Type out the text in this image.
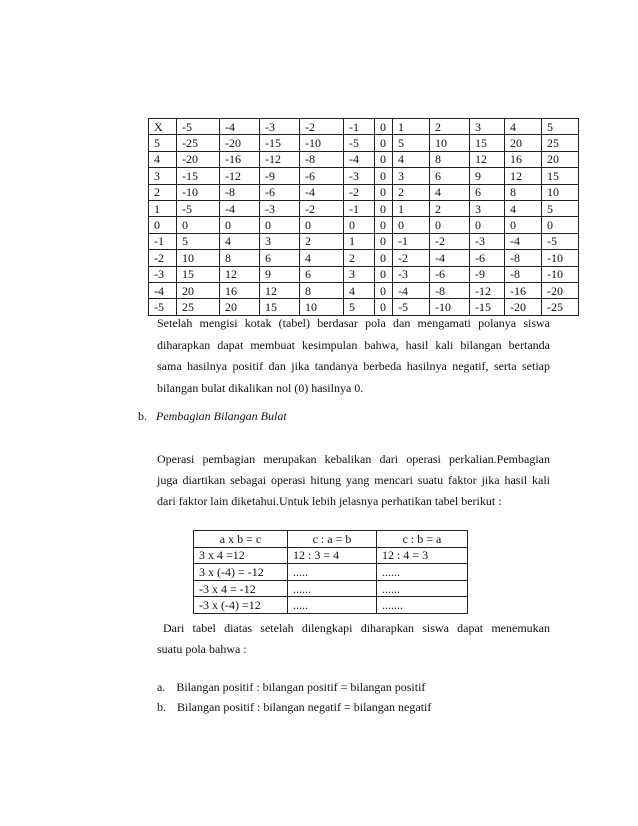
X	-5	-4	-3	-2	-1	0	1	2	3	4	5
5	-25	-20	-15	-10	-5	0	5	10	15	20	25
4	-20	-16	-12	-8	-4	0	4	8	12	16	20
3	-15	-12	-9	-6	-3	0	3	6	9	12	15
2	-10	-8	-6	-4	-2	0	2	4	6	8	10
1	-5	-4	-3	-2	-1	0	1	2	3	4	5
0	0	0	0	0	0	0	0	0	0	0	0
-1	5	4	3	2	1	0	-1	-2	-3	-4	-5
-2	10	8	6	4	2	0	-2	-4	-6	-8	-10
-3	15	12	9	6	3	0	-3	-6	-9	-8	-10
-4	20	16	12	8	4	0	-4	-8	-12	-16	-20
-5	25	20	15	10	5	0	-5	-10	-15	-20	-25
Setelah mengisi kotak (tabel) berdasar pola dan mengamati polanya siswa
diharapkan dapat membuat kesimpulan bahwa, hasil kali bilangan bertanda
sama hasilnya positif dan jika tandanya berbeda hasilnya negatif, serta setiap
bilangan bulat dikalikan nol (0) hasilnya 0.
b. Pembagian Bilangan Bulat
Operasi pembagian merupakan kebalikan dari operasi perkalian.Pembagian
juga diartikan sebagai operasi hitung yang mencari suatu faktor jika hasil kali
dari faktor lain diketahui.Untuk lebih jelasnya perhatikan tabel berikut :
a x b = c	c : a = b	c : b = a
3 x 4 =12	12 : 3 = 4	12 : 4 = 3
3 x (-4) = -12	.....	......
-3 x 4 = -12	......	......
-3 x (-4) =12	.....	.......
Dari tabel diatas setelah dilengkapi diharapkan siswa dapat menemukan
suatu pola bahwa :
a. Bilangan positif : bilangan positif = bilangan positif
b. Bilangan positif : bilangan negatif = bilangan negatif
